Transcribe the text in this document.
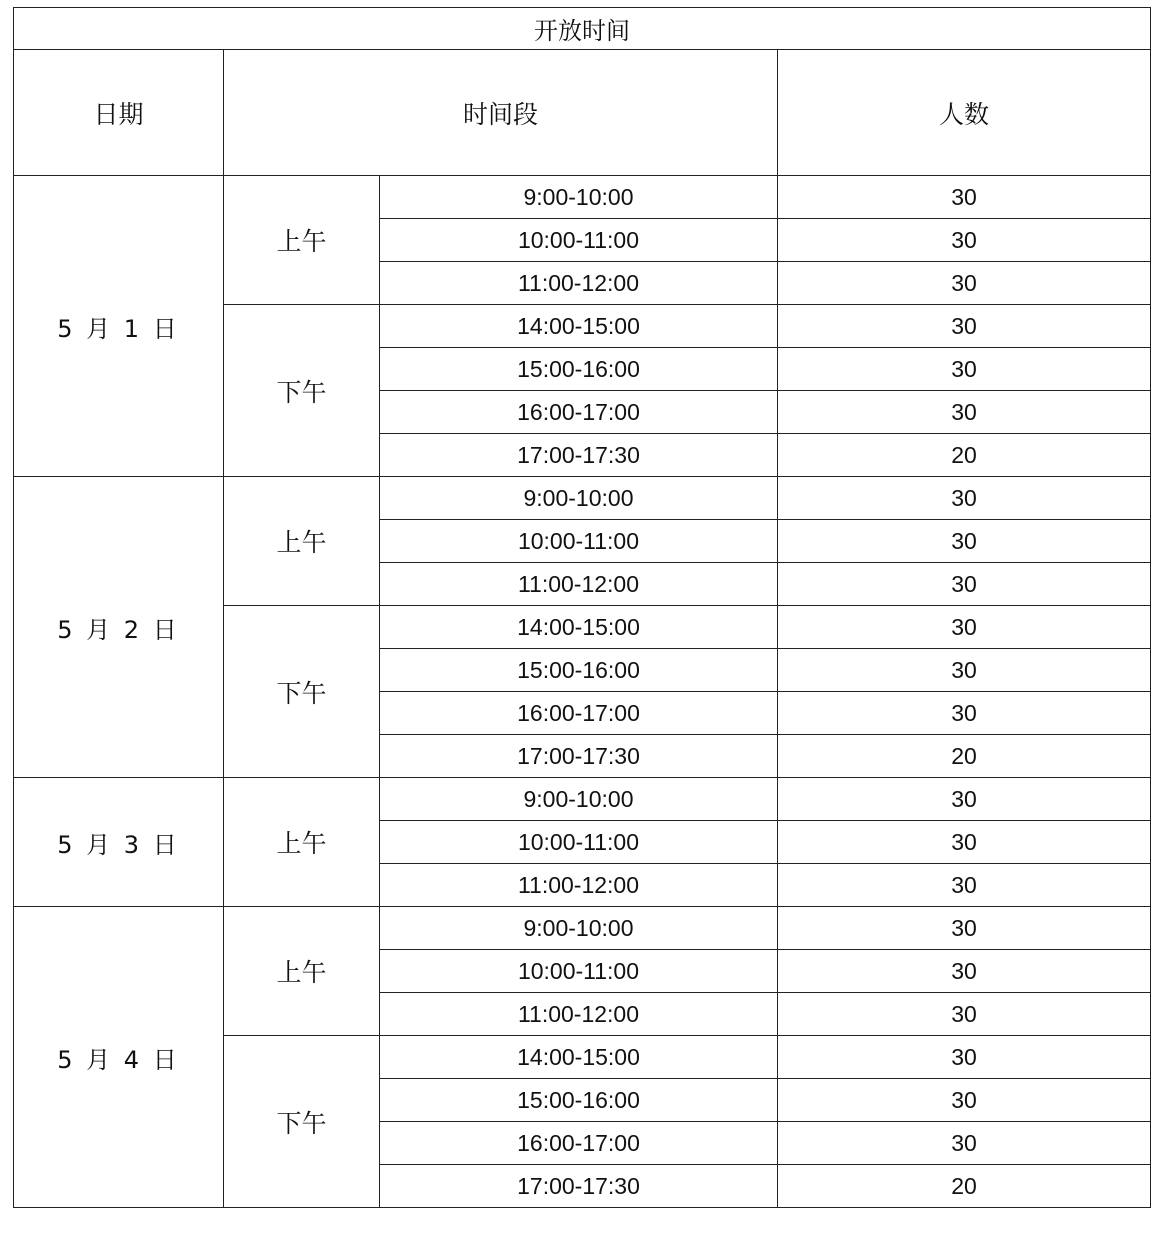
开放时间			
日期	时间段		人数
5 月 1 日	上午	9:00-10:00	30
		10:00-11:00	30
		11:00-12:00	30
	下午	14:00-15:00	30
		15:00-16:00	30
		16:00-17:00	30
		17:00-17:30	20
5 月 2 日	上午	9:00-10:00	30
		10:00-11:00	30
		11:00-12:00	30
	下午	14:00-15:00	30
		15:00-16:00	30
		16:00-17:00	30
		17:00-17:30	20
5 月 3 日	上午	9:00-10:00	30
		10:00-11:00	30
		11:00-12:00	30
5 月 4 日	上午	9:00-10:00	30
		10:00-11:00	30
		11:00-12:00	30
	下午	14:00-15:00	30
		15:00-16:00	30
		16:00-17:00	30
		17:00-17:30	20
